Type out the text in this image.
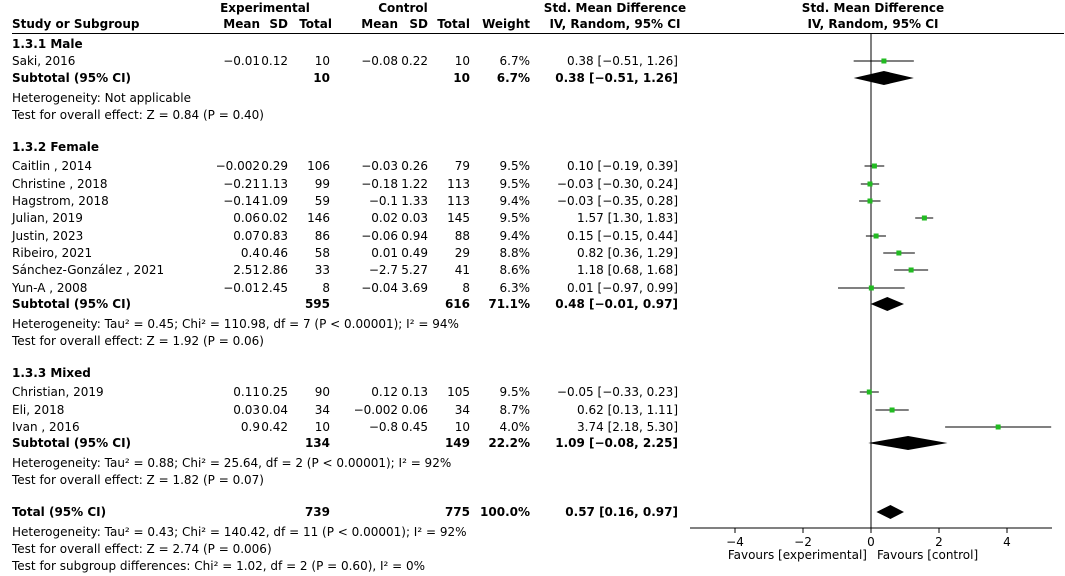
Study or Subgroup
Experimental	Control
Mean SD Total	Mean SD Total	Weight
Std. Mean Difference
IV, Random, 95% CI
Std. Mean Difference
IV, Random, 95% CI
1.3.1 Male
Saki, 2016	−0.01 0.12	10	−0.08 0.22	10	6.7%	0.38 [−0.51, 1.26]
Subtotal (95% CI)	10	10	6.7%	0.38 [−0.51, 1.26]
Heterogeneity: Not applicable
Test for overall effect: Z = 0.84 (P = 0.40)
1.3.2 Female
Caitlin , 2014	−0.002 0.29	106	−0.03 0.26	79	9.5%	0.10 [−0.19, 0.39]
Christine , 2018	−0.21 1.13	99	−0.18 1.22	113	9.5%	−0.03 [−0.30, 0.24]
Hagstrom, 2018	−0.14 1.09	59	−0.1 1.33	113	9.4%	−0.03 [−0.35, 0.28]
Julian, 2019	0.06 0.02	146	0.02 0.03	145	9.5%	1.57 [1.30, 1.83]
Justin, 2023	0.07 0.83	86	−0.06 0.94	88	9.4%	0.15 [−0.15, 0.44]
Ribeiro, 2021	0.4 0.46	58	0.01 0.49	29	8.8%	0.82 [0.36, 1.29]
Sánchez-González , 2021	2.51 2.86	33	−2.7 5.27	41	8.6%	1.18 [0.68, 1.68]
Yun-A , 2008	−0.01 2.45	8	−0.04 3.69	8	6.3%	0.01 [−0.97, 0.99]
Subtotal (95% CI)	595	616	71.1%	0.48 [−0.01, 0.97]
Heterogeneity: Tau² = 0.45; Chi² = 110.98, df = 7 (P < 0.00001); I² = 94%
Test for overall effect: Z = 1.92 (P = 0.06)
1.3.3 Mixed
Christian, 2019	0.11 0.25	90	0.12 0.13	105	9.5%	−0.05 [−0.33, 0.23]
Eli, 2018	0.03 0.04	34	−0.002 0.06	34	8.7%	0.62 [0.13, 1.11]
Ivan , 2016	0.9 0.42	10	−0.8 0.45	10	4.0%	3.74 [2.18, 5.30]
Subtotal (95% CI)	134	149	22.2%	1.09 [−0.08, 2.25]
Heterogeneity: Tau² = 0.88; Chi² = 25.64, df = 2 (P < 0.00001); I² = 92%
Test for overall effect: Z = 1.82 (P = 0.07)
Total (95% CI)	739	775 100.0%	0.57 [0.16, 0.97]
Heterogeneity: Tau² = 0.43; Chi² = 140.42, df = 11 (P < 0.00001); I² = 92%
Test for overall effect: Z = 2.74 (P = 0.006)
Test for subgroup differences: Chi² = 1.02, df = 2 (P = 0.60), I² = 0%
−4	−2	0	2	4
Favours [experimental] Favours [control]
